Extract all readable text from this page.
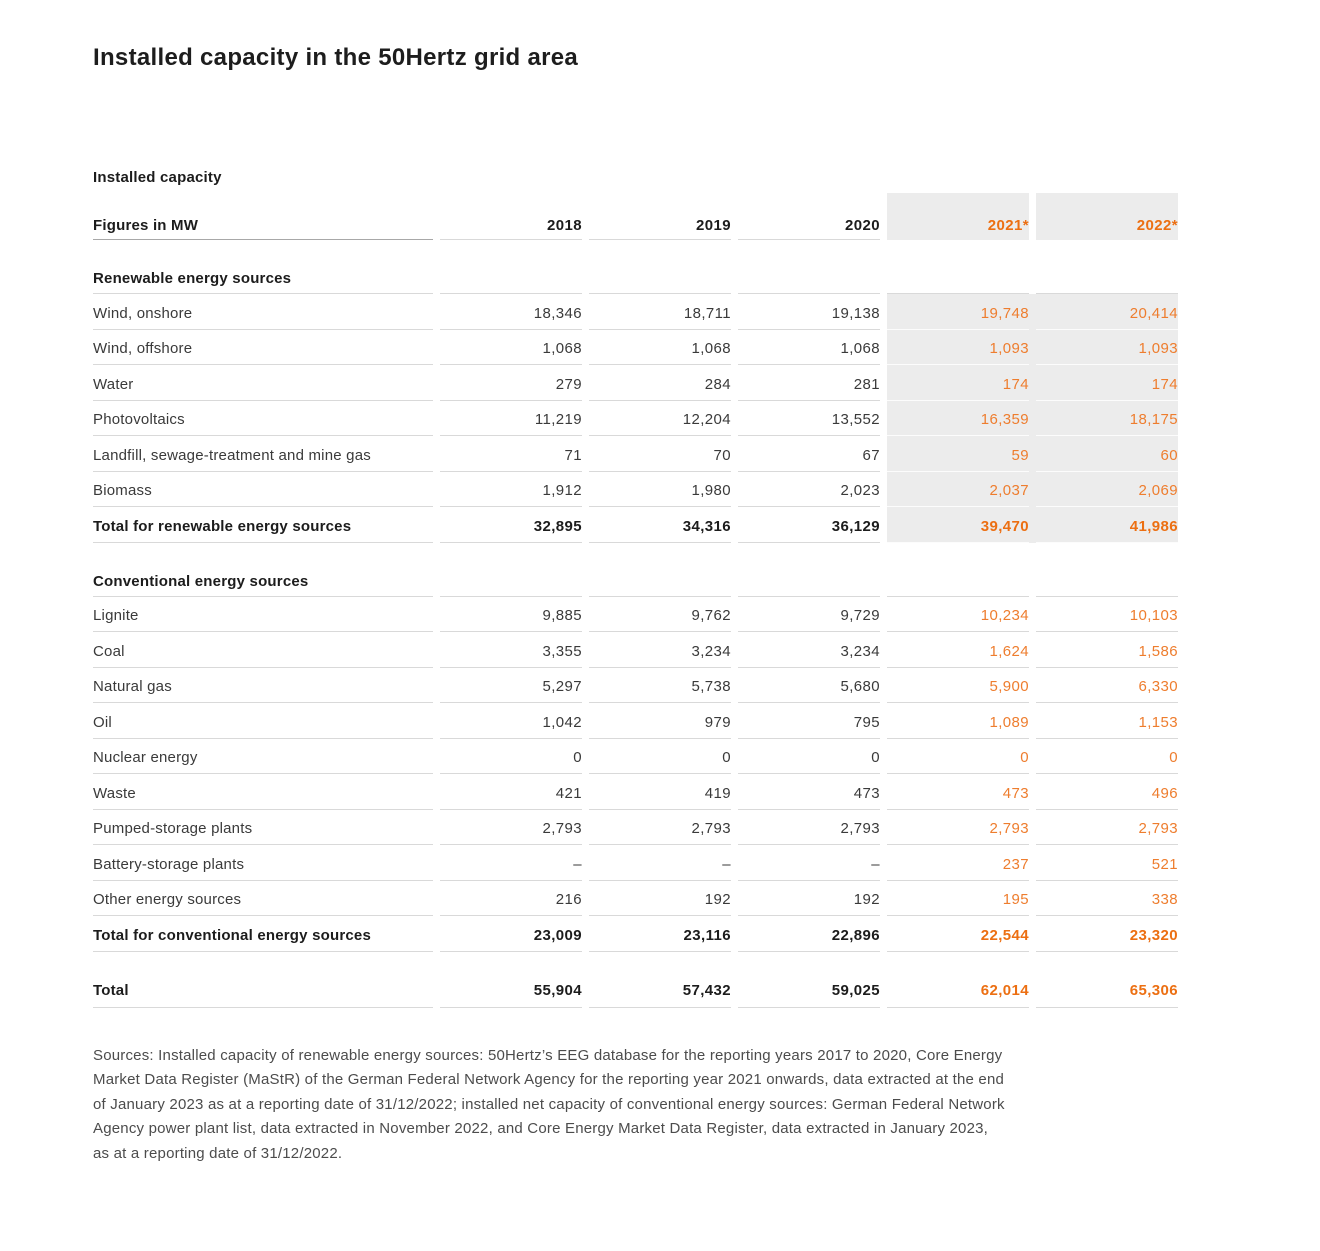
Installed capacity in the 50Hertz grid area
Installed capacity
Figures in MW	2018	2019	2020	2021*	2022*
Renewable energy sources
Wind, onshore	18,346	18,711	19,138	19,748	20,414
Wind, offshore	1,068	1,068	1,068	1,093	1,093
Water	279	284	281	174	174
Photovoltaics	11,219	12,204	13,552	16,359	18,175
Landfill, sewage-treatment and mine gas	71	70	67	59	60
Biomass	1,912	1,980	2,023	2,037	2,069
Total for renewable energy sources	32,895	34,316	36,129	39,470	41,986
Conventional energy sources
Lignite	9,885	9,762	9,729	10,234	10,103
Coal	3,355	3,234	3,234	1,624	1,586
Natural gas	5,297	5,738	5,680	5,900	6,330
Oil	1,042	979	795	1,089	1,153
Nuclear energy	0	0	0	0	0
Waste	421	419	473	473	496
Pumped-storage plants	2,793	2,793	2,793	2,793	2,793
Battery-storage plants	–	–	–	237	521
Other energy sources	216	192	192	195	338
Total for conventional energy sources	23,009	23,116	22,896	22,544	23,320
Total	55,904	57,432	59,025	62,014	65,306
Sources: Installed capacity of renewable energy sources: 50Hertz’s EEG database for the reporting years 2017 to 2020, Core Energy
Market Data Register (MaStR) of the German Federal Network Agency for the reporting year 2021 onwards, data extracted at the end
of January 2023 as at a reporting date of 31/12/2022; installed net capacity of conventional energy sources: German Federal Network
Agency power plant list, data extracted in November 2022, and Core Energy Market Data Register, data extracted in January 2023,
as at a reporting date of 31/12/2022.
